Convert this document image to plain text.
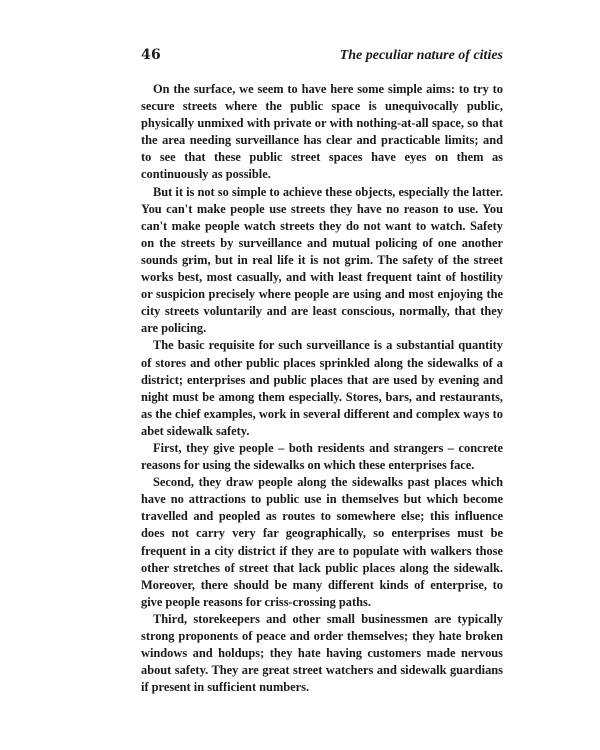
46	The peculiar nature of cities

On the surface, we seem to have here some simple aims: to try to secure streets where the public space is unequivocally public, physically unmixed with private or with nothing-at-all space, so that the area needing surveillance has clear and practicable limits; and to see that these public street spaces have eyes on them as continuously as possible.

But it is not so simple to achieve these objects, especially the latter. You can't make people use streets they have no reason to use. You can't make people watch streets they do not want to watch. Safety on the streets by surveillance and mutual policing of one another sounds grim, but in real life it is not grim. The safety of the street works best, most casually, and with least frequent taint of hostility or suspicion precisely where people are using and most enjoying the city streets voluntarily and are least conscious, normally, that they are policing.

The basic requisite for such surveillance is a substantial quantity of stores and other public places sprinkled along the sidewalks of a district; enterprises and public places that are used by evening and night must be among them especially. Stores, bars, and restaurants, as the chief examples, work in several different and complex ways to abet sidewalk safety.

First, they give people – both residents and strangers – concrete reasons for using the sidewalks on which these enterprises face.

Second, they draw people along the sidewalks past places which have no attractions to public use in themselves but which become travelled and peopled as routes to somewhere else; this influence does not carry very far geographically, so enterprises must be frequent in a city district if they are to populate with walkers those other stretches of street that lack public places along the sidewalk. Moreover, there should be many different kinds of enterprise, to give people reasons for criss-crossing paths.

Third, storekeepers and other small businessmen are typically strong proponents of peace and order themselves; they hate broken windows and holdups; they hate having customers made nervous about safety. They are great street watchers and sidewalk guardians if present in sufficient numbers.
